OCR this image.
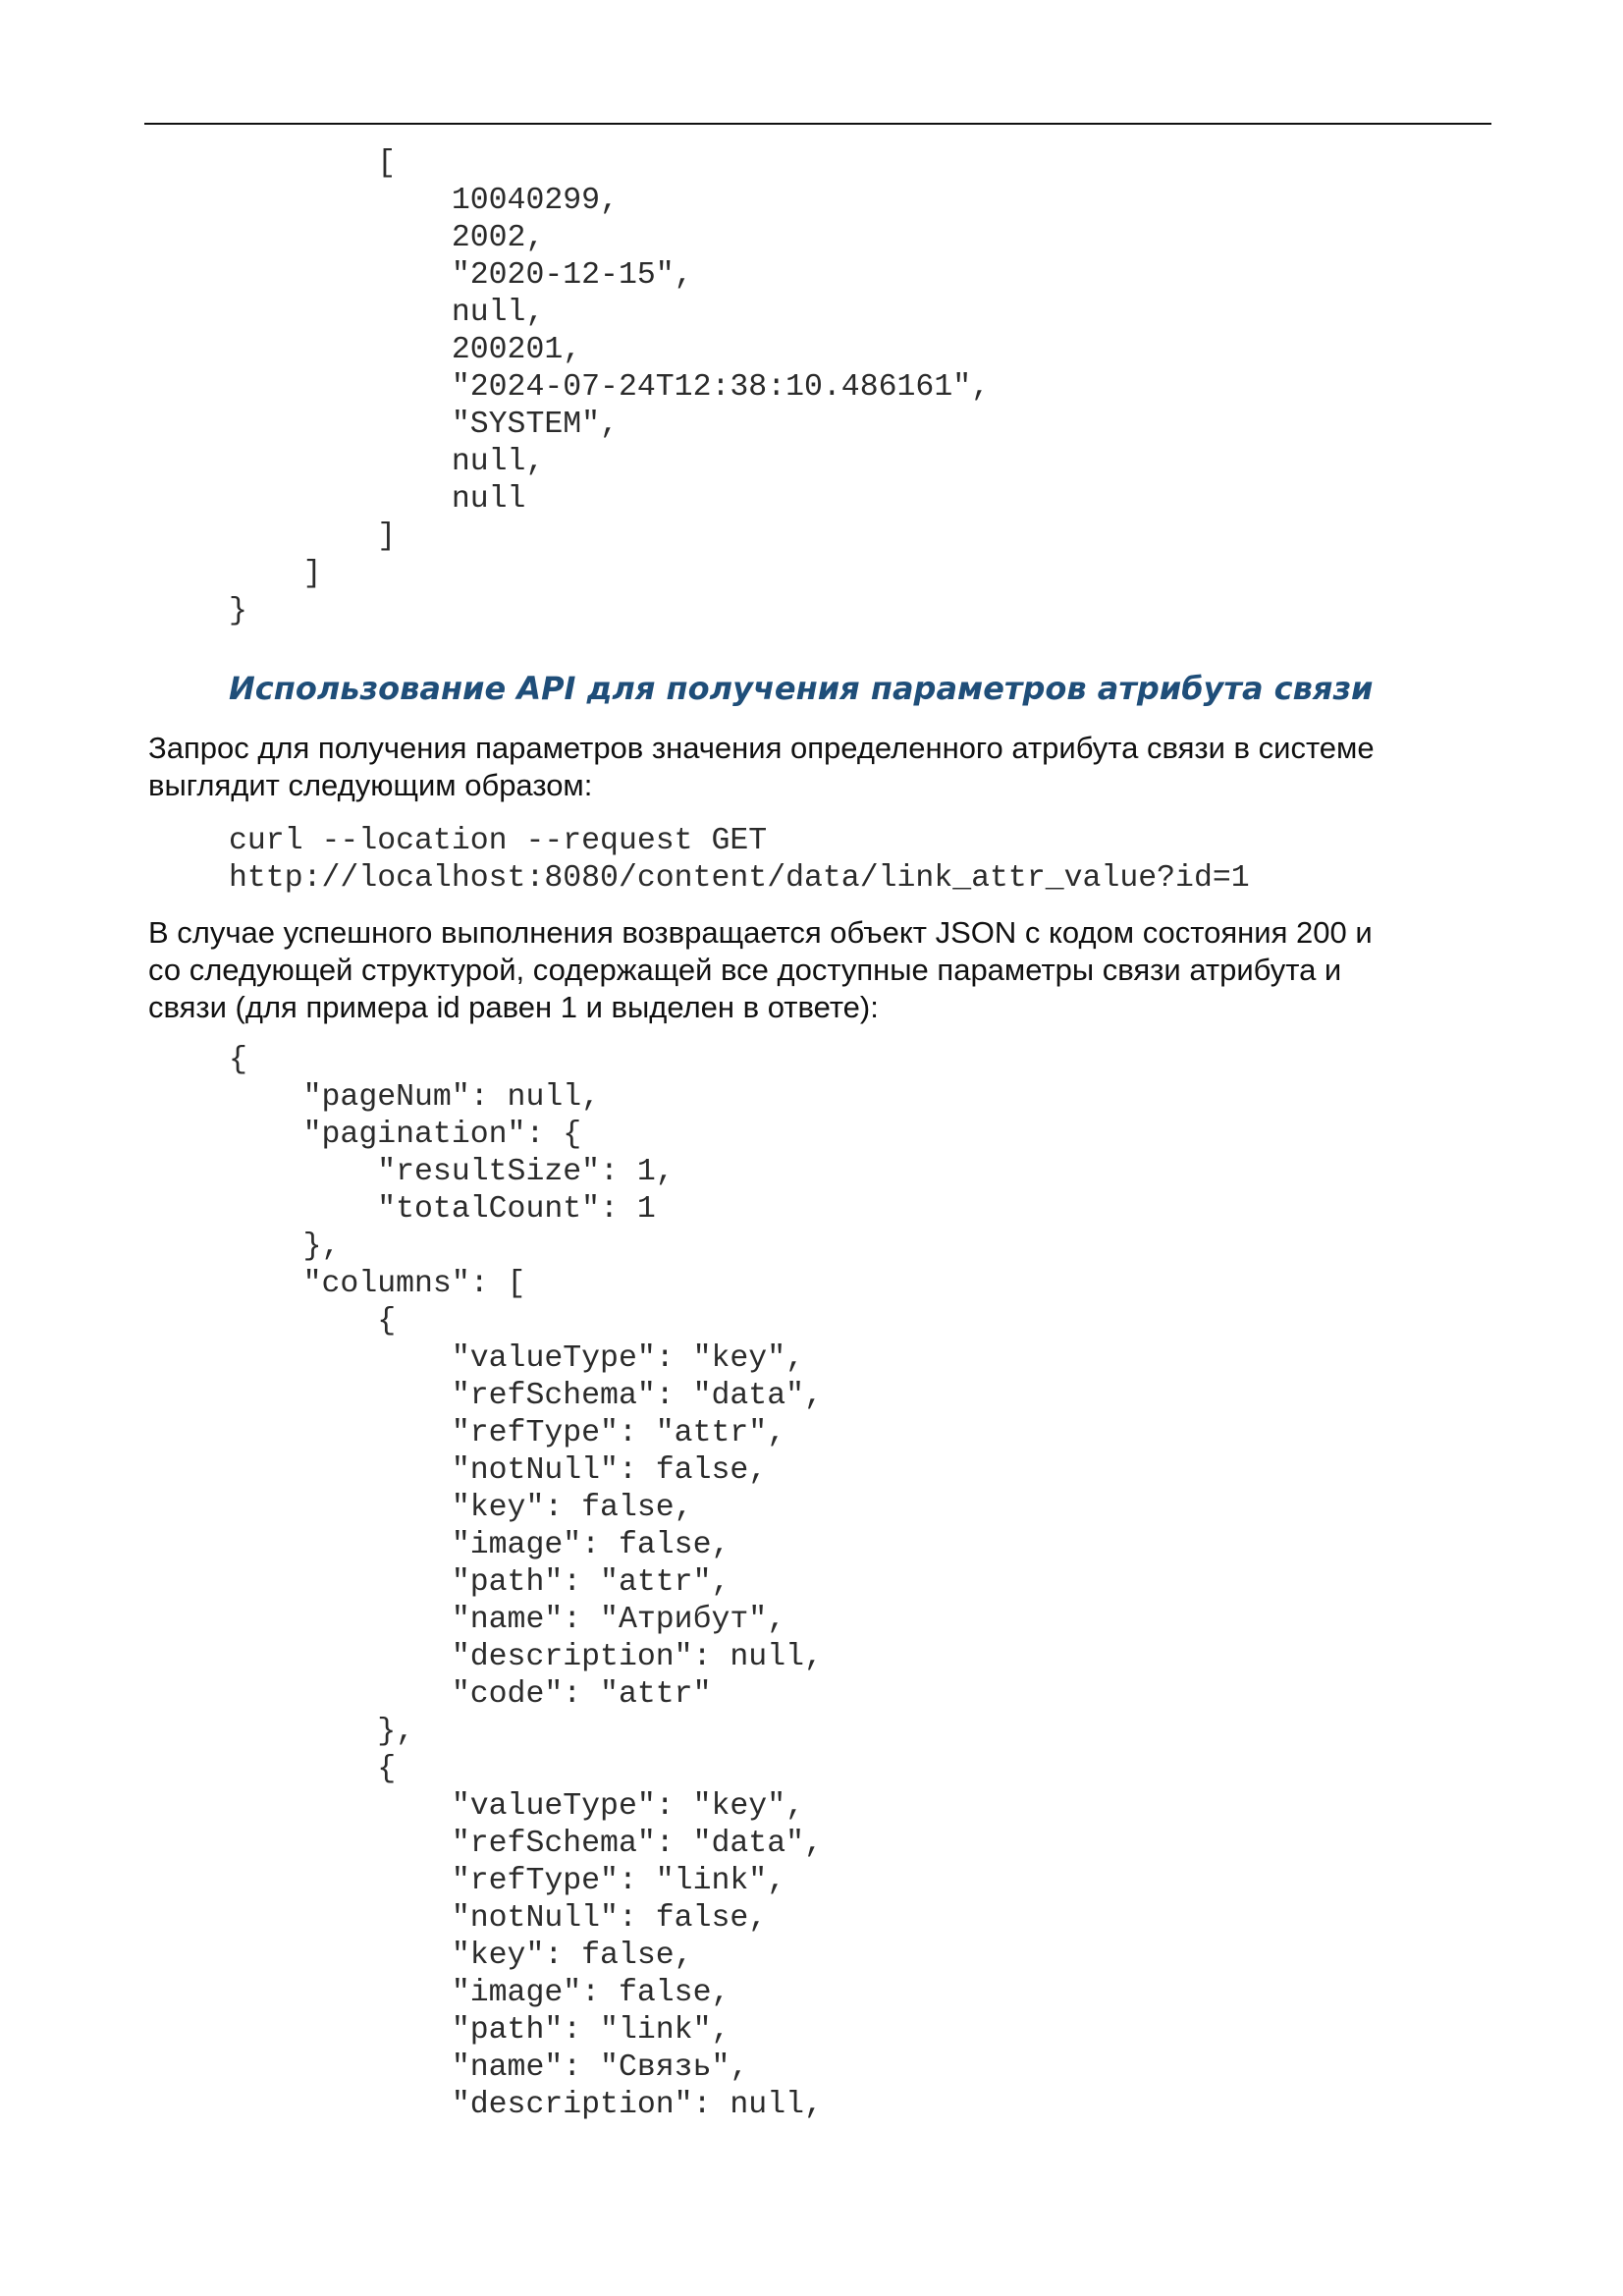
[
10040299,
2002,
"2020-12-15",
null,
200201,
"2024-07-24T12:38:10.486161",
"SYSTEM",
null,
null
]
]
}
Использование API для получения параметров атрибута связи

Запрос для получения параметров значения определенного атрибута связи в системе
выглядит следующим образом:

curl --location --request GET
http://localhost:8080/content/data/link_attr_value?id=1

В случае успешного выполнения возвращается объект JSON с кодом состояния 200 и
со следующей структурой, содержащей все доступные параметры связи атрибута и
связи (для примера id равен 1 и выделен в ответе):

{
"pageNum": null,
"pagination": {
"resultSize": 1,
"totalCount": 1
},
"columns": [
{
"valueType": "key",
"refSchema": "data",
"refType": "attr",
"notNull": false,
"key": false,
"image": false,
"path": "attr",
"name": "Атрибут",
"description": null,
"code": "attr"
},
{
"valueType": "key",
"refSchema": "data",
"refType": "link",
"notNull": false,
"key": false,
"image": false,
"path": "link",
"name": "Связь",
"description": null,
